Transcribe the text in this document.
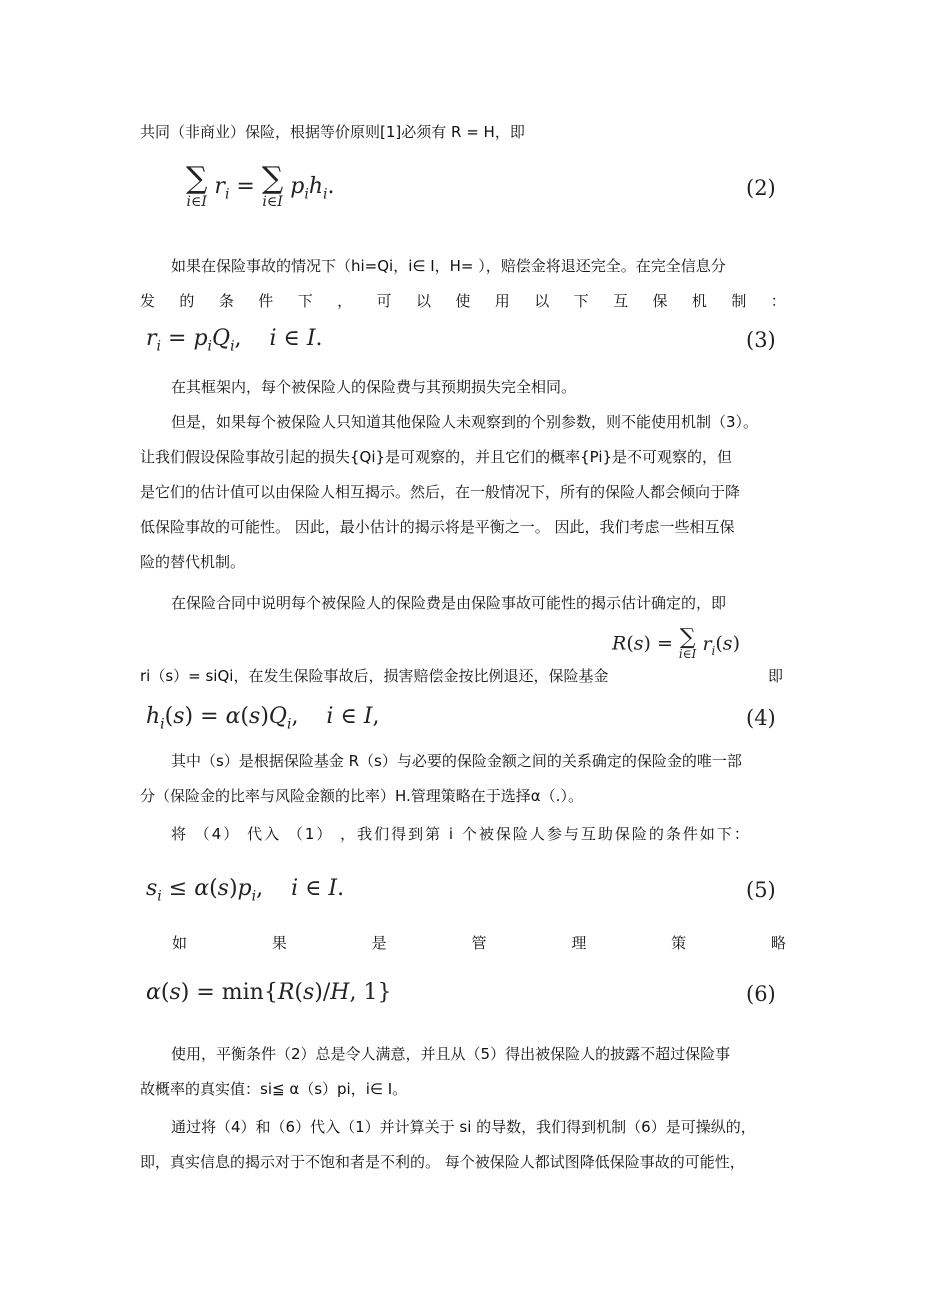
共同（非商业）保险，根据等价原则[1]必须有 R = H，即
∑
i∈I
$r_i$ = ∑
i∈I
$p_ih_i$.	(2)
如果在保险事故的情况下（hi=Qi，i∈ I，H= ），赔偿金将退还完全。在完全信息分
发 的 条 件 下 ， 可 以 使 用 以 下 互 保 机 制 ：
$r_i = p_iQ_i$,    i ∈ I.	(3)
在其框架内，每个被保险人的保险费与其预期损失完全相同。
但是，如果每个被保险人只知道其他保险人未观察到的个别参数，则不能使用机制（3）。
让我们假设保险事故引起的损失{Qi}是可观察的，并且它们的概率{Pi}是不可观察的，但
是它们的估计值可以由保险人相互揭示。然后，在一般情况下，所有的保险人都会倾向于降
低保险事故的可能性。 因此，最小估计的揭示将是平衡之一。 因此，我们考虑一些相互保
险的替代机制。
在保险合同中说明每个被保险人的保险费是由保险事故可能性的揭示估计确定的，即
R(s) = ∑
i∈I $r_i(s)$
ri（s）= siQi，在发生保险事故后，损害赔偿金按比例退还，保险基金	即
$h_i(s) = \alpha(s)Q_i$,    i ∈ I,	(4)
其中（s）是根据保险基金 R（s）与必要的保险金额之间的关系确定的保险金的唯一部
分（保险金的比率与风险金额的比率）H.管理策略在于选择α（.）。
将 （4） 代入 （1） ，我们得到第 i 个被保险人参与互助保险的条件如下：
$s_i \le \alpha(s)p_i$,    i ∈ I.	(5)
如	果	是	管	理	策	略
α(s) = min{R(s)/H, 1}	(6)
使用，平衡条件（2）总是令人满意，并且从（5）得出被保险人的披露不超过保险事
故概率的真实值：si≦ α（s）pi，i∈ I。
通过将（4）和（6）代入（1）并计算关于 si 的导数，我们得到机制（6）是可操纵的，
即，真实信息的揭示对于不饱和者是不利的。 每个被保险人都试图降低保险事故的可能性，
